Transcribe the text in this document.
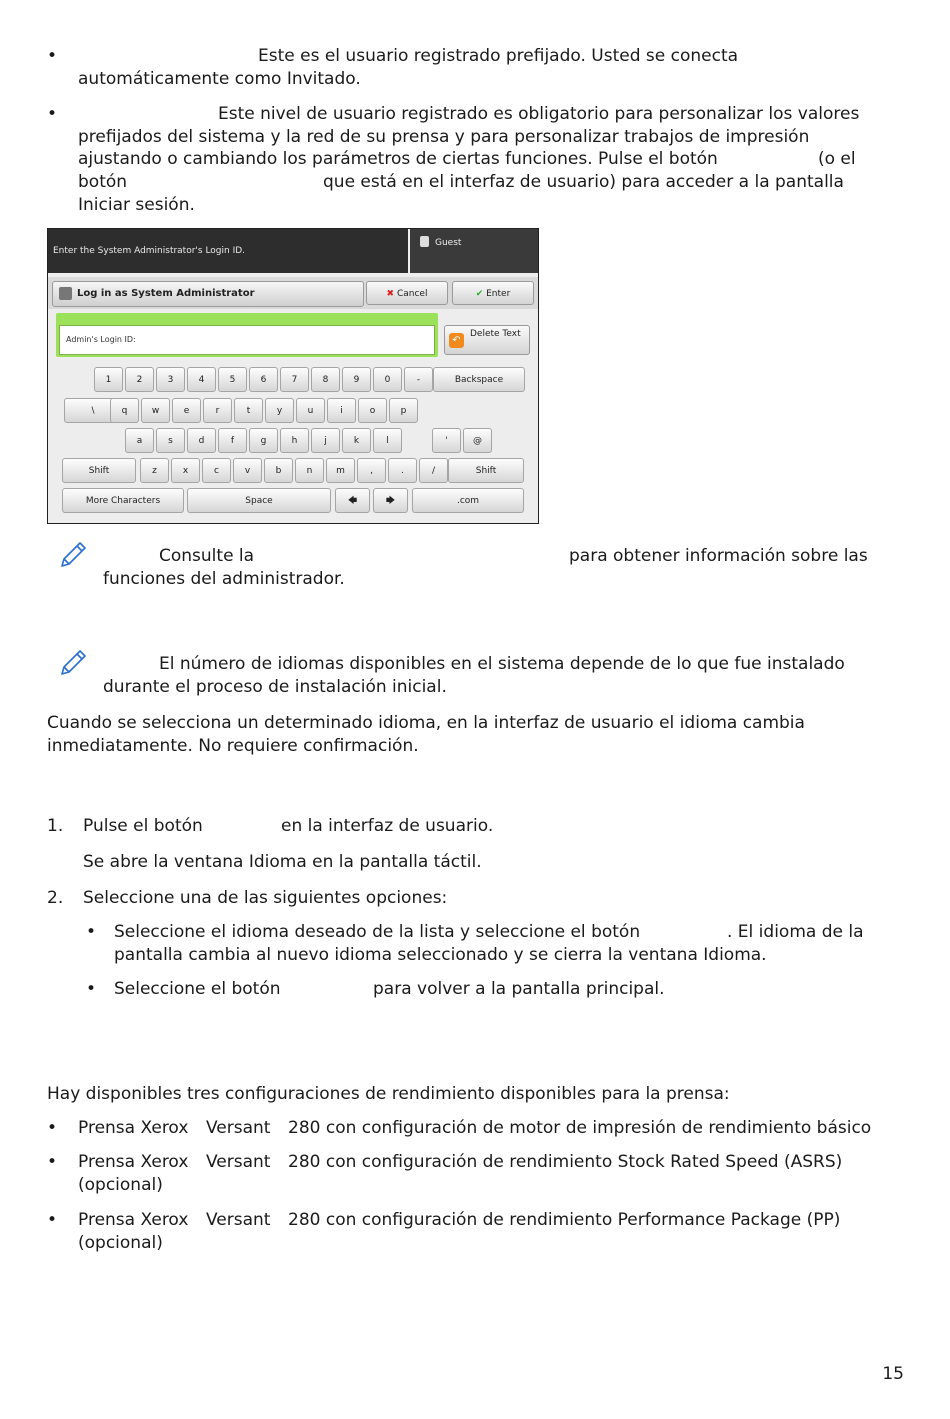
•	Este es el usuario registrado prefijado. Usted se conecta

automáticamente como Invitado.

•	Este nivel de usuario registrado es obligatorio para personalizar los valores

prefijados del sistema y la red de su prensa y para personalizar trabajos de impresión

ajustando o cambiando los parámetros de ciertas funciones. Pulse el botón	(o el

botón	que está en el interfaz de usuario) para acceder a la pantalla

Iniciar sesión.

Enter the System Administrator's Login ID.
Guest
Log in as System Administrator	✖ Cancel	✔ Enter
Admin's Login ID:	↶
Delete Text
1	2	3	4	5	6	7	8	9	0	-	Backspace
\	q	w	e	r	t	y	u	i	o	p
a	s	d	f	g	h	j	k	l	'	@
Shift	z	x	c	v	b	n	m	,	.	/	Shift
More Characters	Space	🡄	🡆	.com

Consulte la	para obtener información sobre las

funciones del administrador.

El número de idiomas disponibles en el sistema depende de lo que fue instalado

durante el proceso de instalación inicial.

Cuando se selecciona un determinado idioma, en la interfaz de usuario el idioma cambia

inmediatamente. No requiere confirmación.

1. Pulse el botón	en la interfaz de usuario.

Se abre la ventana Idioma en la pantalla táctil.

2. Seleccione una de las siguientes opciones:

• Seleccione el idioma deseado de la lista y seleccione el botón	. El idioma de la

pantalla cambia al nuevo idioma seleccionado y se cierra la ventana Idioma.

• Seleccione el botón	para volver a la pantalla principal.

Hay disponibles tres configuraciones de rendimiento disponibles para la prensa:

• Prensa Xerox Versant 280 con configuración de motor de impresión de rendimiento básico

• Prensa Xerox Versant 280 con configuración de rendimiento Stock Rated Speed (ASRS)

(opcional)

• Prensa Xerox Versant 280 con configuración de rendimiento Performance Package (PP)

(opcional)

15
